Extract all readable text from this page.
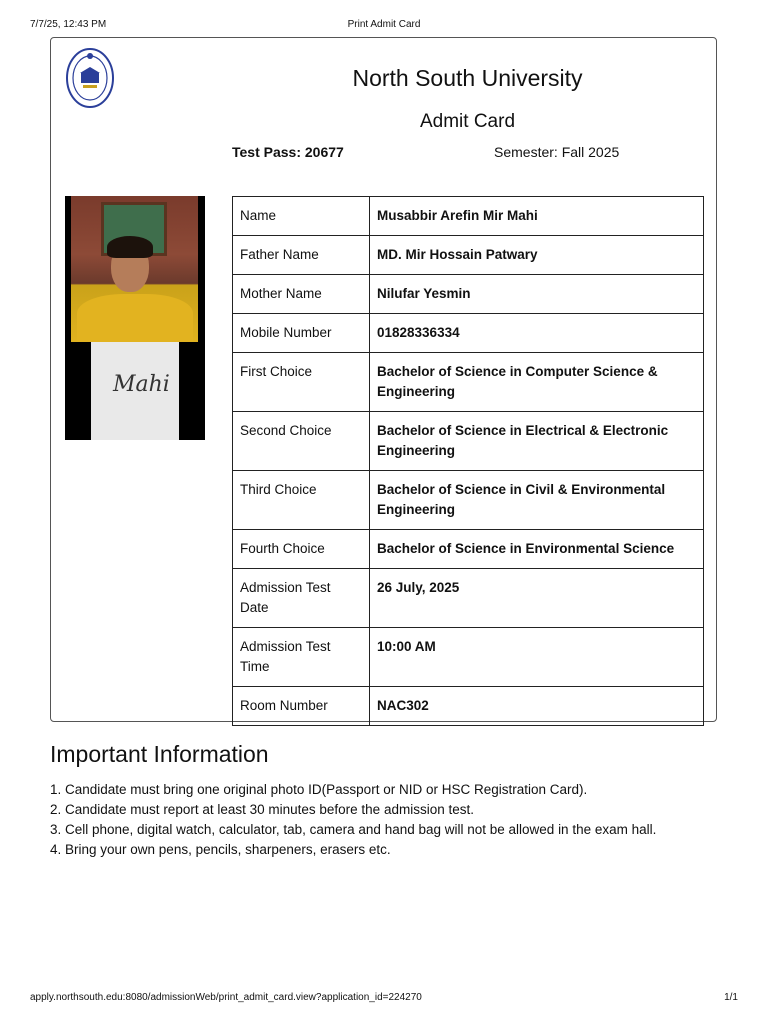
7/7/25, 12:43 PM	Print Admit Card
North South University
Admit Card
Test Pass: 20677	Semester: Fall 2025
Mahi
Name	Musabbir Arefin Mir Mahi
Father Name	MD. Mir Hossain Patwary
Mother Name	Nilufar Yesmin
Mobile Number	01828336334
First Choice	Bachelor of Science in Computer Science & Engineering
Second Choice	Bachelor of Science in Electrical & Electronic Engineering
Third Choice	Bachelor of Science in Civil & Environmental Engineering
Fourth Choice	Bachelor of Science in Environmental Science
Admission Test Date	26 July, 2025
Admission Test Time	10:00 AM
Room Number	NAC302
Important Information
1. Candidate must bring one original photo ID(Passport or NID or HSC Registration Card).
2. Candidate must report at least 30 minutes before the admission test.
3. Cell phone, digital watch, calculator, tab, camera and hand bag will not be allowed in the exam hall.
4. Bring your own pens, pencils, sharpeners, erasers etc.
apply.northsouth.edu:8080/admissionWeb/print_admit_card.view?application_id=224270	1/1
